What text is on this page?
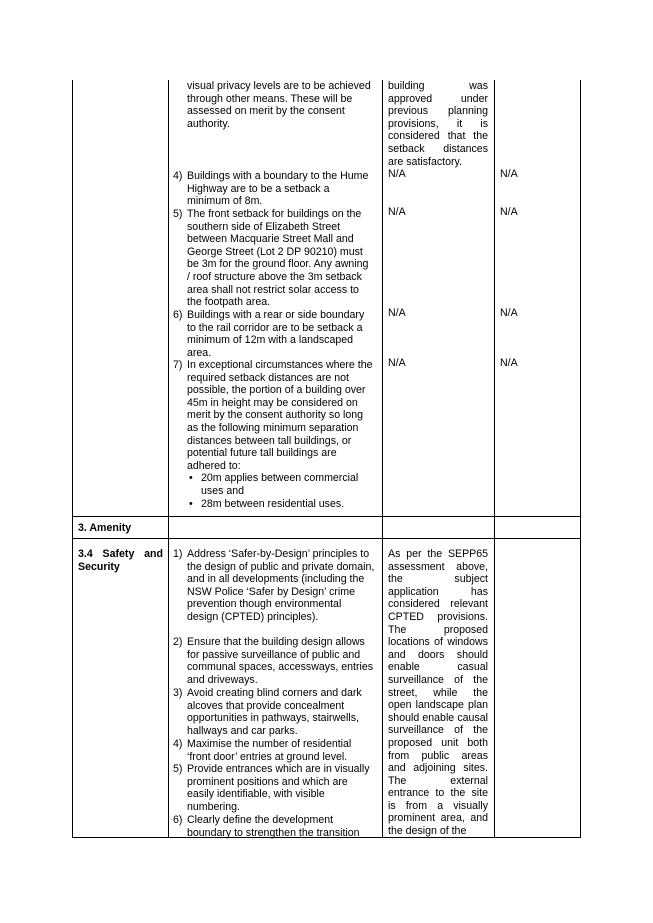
visual privacy levels are to be achieved through other means. These will be assessed on merit by the consent authority.
4) Buildings with a boundary to the Hume Highway are to be a setback a minimum of 8m.
5) The front setback for buildings on the southern side of Elizabeth Street between Macquarie Street Mall and George Street (Lot 2 DP 90210) must be 3m for the ground floor. Any awning / roof structure above the 3m setback area shall not restrict solar access to the footpath area.
6) Buildings with a rear or side boundary to the rail corridor are to be setback a minimum of 12m with a landscaped area.
7) In exceptional circumstances where the required setback distances are not possible, the portion of a building over 45m in height may be considered on merit by the consent authority so long as the following minimum separation distances between tall buildings, or potential future tall buildings are adhered to:
• 20m applies between commercial uses and
• 28m between residential uses.
building was approved under previous planning provisions, it is considered that the setback distances are satisfactory.
N/A
N/A
N/A
N/A
N/A
N/A
N/A
N/A
3. Amenity
3.4 Safety and Security
1) Address ‘Safer-by-Design’ principles to the design of public and private domain, and in all developments (including the NSW Police ‘Safer by Design’ crime prevention though environmental design (CPTED) principles).
2) Ensure that the building design allows for passive surveillance of public and communal spaces, accessways, entries and driveways.
3) Avoid creating blind corners and dark alcoves that provide concealment opportunities in pathways, stairwells, hallways and car parks.
4) Maximise the number of residential ‘front door’ entries at ground level.
5) Provide entrances which are in visually prominent positions and which are easily identifiable, with visible numbering.
6) Clearly define the development boundary to strengthen the transition
As per the SEPP65 assessment above, the subject application has considered relevant CPTED provisions. The proposed locations of windows and doors should enable casual surveillance of the street, while the open landscape plan should enable causal surveillance of the proposed unit both from public areas and adjoining sites. The external entrance to the site is from a visually prominent area, and the design of the
